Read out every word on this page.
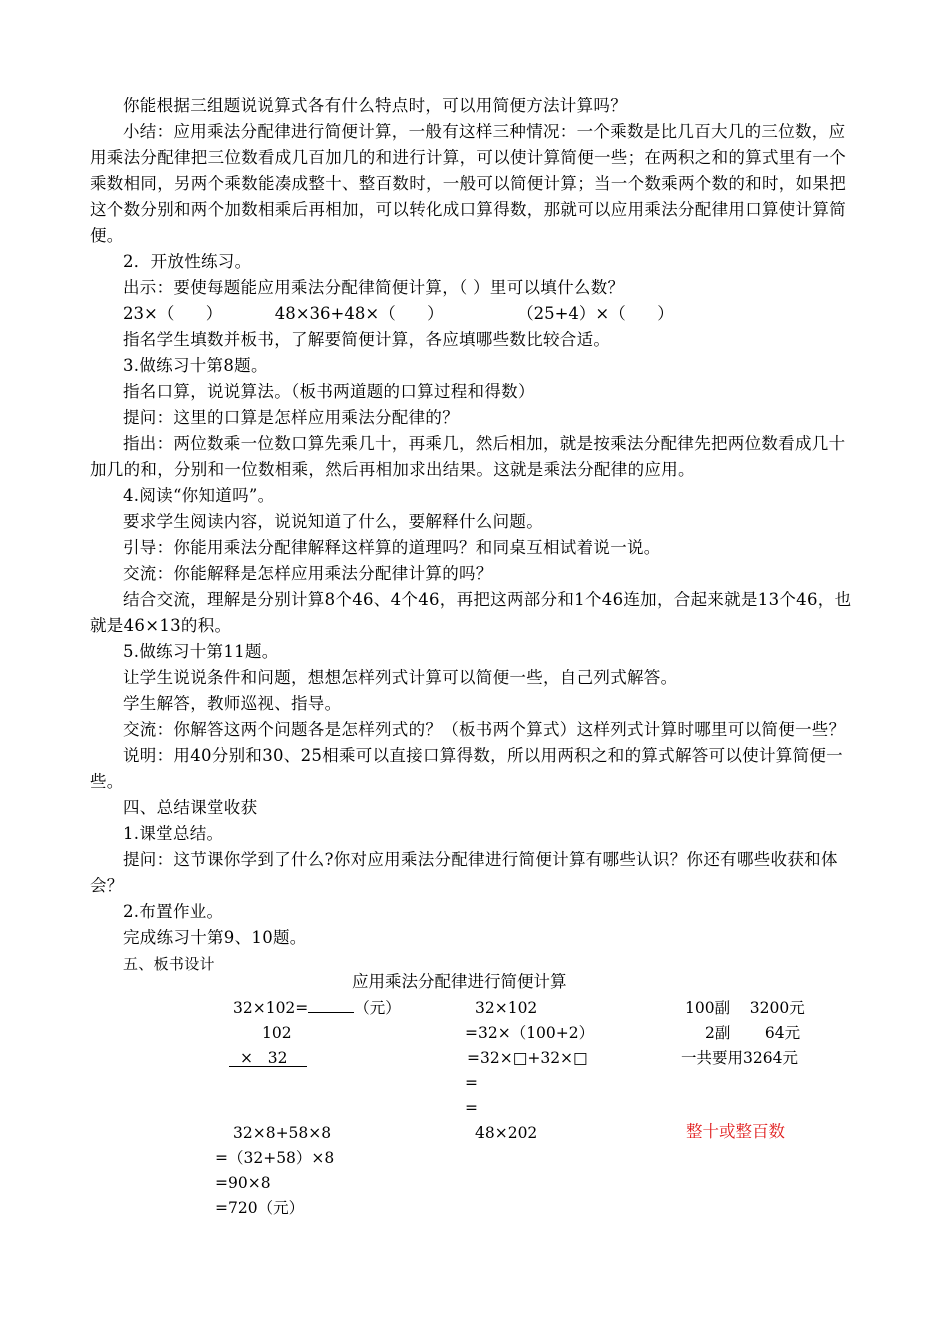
你能根据三组题说说算式各有什么特点时，可以用简便方法计算吗？

小结：应用乘法分配律进行简便计算，一般有这样三种情况：一个乘数是比几百大几的三位数，应用乘法分配律把三位数看成几百加几的和进行计算，可以使计算简便一些；在两积之和的算式里有一个乘数相同，另两个乘数能凑成整十、整百数时，一般可以简便计算；当一个数乘两个数的和时，如果把这个数分别和两个加数相乘后再相加，可以转化成口算得数，那就可以应用乘法分配律用口算使计算简便。

2．开放性练习。

出示：要使每题能应用乘法分配律简便计算，（ ）里可以填什么数？

23×（      ）          48×36+48×（      ）              （25+4）×（      ）

指名学生填数并板书，了解要简便计算，各应填哪些数比较合适。

3.做练习十第8题。

指名口算，说说算法。（板书两道题的口算过程和得数）

提问：这里的口算是怎样应用乘法分配律的？

指出：两位数乘一位数口算先乘几十，再乘几，然后相加，就是按乘法分配律先把两位数看成几十加几的和，分别和一位数相乘，然后再相加求出结果。这就是乘法分配律的应用。

4.阅读“你知道吗”。

要求学生阅读内容，说说知道了什么，要解释什么问题。

引导：你能用乘法分配律解释这样算的道理吗？和同桌互相试着说一说。

交流：你能解释是怎样应用乘法分配律计算的吗？

结合交流，理解是分别计算8个46、4个46，再把这两部分和1个46连加，合起来就是13个46，也就是46×13的积。

5.做练习十第11题。

让学生说说条件和问题，想想怎样列式计算可以简便一些，自己列式解答。

学生解答，教师巡视、指导。

交流：你解答这两个问题各是怎样列式的？（板书两个算式）这样列式计算时哪里可以简便一些？

说明：用40分别和30、25相乘可以直接口算得数，所以用两积之和的算式解答可以使计算简便一些。

四、总结课堂收获

1.课堂总结。

提问：这节课你学到了什么?你对应用乘法分配律进行简便计算有哪些认识？你还有哪些收获和体会？

2.布置作业。

完成练习十第9、10题。

五、板书设计

应用乘法分配律进行简便计算

32×102=	（元）

102

×   32

32×102

=32×（100+2）

=32×□+32×□

=

=

100副    3200元

2副       64元

一共要用3264元

32×8+58×8

=（32+58）×8

=90×8

=720（元）

48×202	整十或整百数
